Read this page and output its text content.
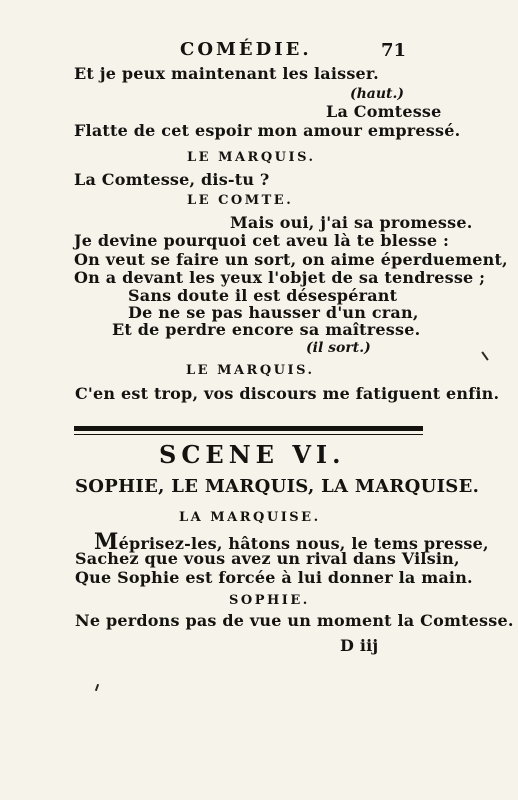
COMÉDIE.	71
Et je peux maintenant les laisser.
(haut.)
La Comtesse
Flatte de cet espoir mon amour empressé.
LE MARQUIS.
La Comtesse, dis-tu ?
LE COMTE.
Mais oui, j'ai sa promesse.
Je devine pourquoi cet aveu là te blesse :
On veut se faire un sort, on aime éperduement,
On a devant les yeux l'objet de sa tendresse ;
Sans doute il est désespérant
De ne se pas hausser d'un cran,
Et de perdre encore sa maîtresse.
(il sort.)
LE MARQUIS.
C'en est trop, vos discours me fatiguent enfin.
SCENE VI.
SOPHIE, LE MARQUIS, LA MARQUISE.
LA MARQUISE.
Méprisez-les, hâtons nous, le tems presse,
Sachez que vous avez un rival dans Vilsin,
Que Sophie est forcée à lui donner la main.
SOPHIE.
Ne perdons pas de vue un moment la Comtesse.
D iij
